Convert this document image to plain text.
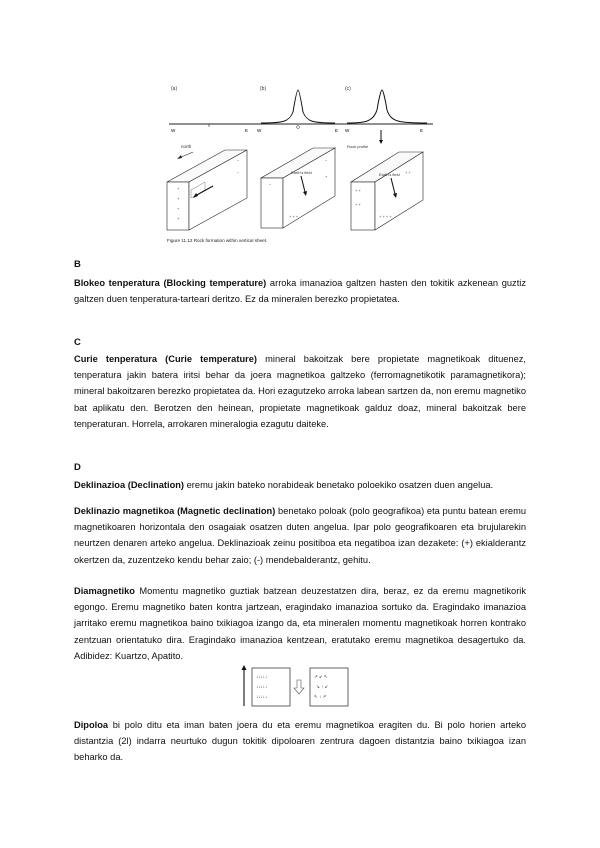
(a)	(b)	(c)
W	E W	E W	E
north
+
+
+
+
−
−	Earth's field
−
−
+
+ + +
Rock profile
Earth's field
+ +
+ +
+ + + +
+ +
Figure 11.12 Rock formation within vertical sheet.

B

Blokeo tenperatura (Blocking temperature) arroka imanazioa galtzen hasten den tokitik azkenean guztiz galtzen duen tenperatura-tarteari deritzo. Ez da mineralen berezko propietatea.

C

Curie tenperatura (Curie temperature) mineral bakoitzak bere propietate magnetikoak dituenez, tenperatura jakin batera iritsi behar da joera magnetikoa galtzeko (ferromagnetikotik paramagnetikora); mineral bakoitzaren berezko propietatea da. Hori ezagutzeko arroka labean sartzen da, non eremu magnetiko bat aplikatu den. Berotzen den heinean, propietate magnetikoak galduz doaz, mineral bakoitzak bere tenperaturan. Horrela, arrokaren mineralogia ezagutu daiteke.

D

Deklinazioa (Declination) eremu jakin bateko norabideak benetako poloekiko osatzen duen angelua.

Deklinazio magnetikoa (Magnetic declination) benetako poloak (polo geografikoa) eta puntu batean eremu magnetikoaren horizontala den osagaiak osatzen duten angelua. Ipar polo geografikoaren eta brujularekin neurtzen denaren arteko angelua. Deklinazioak zeinu positiboa eta negatiboa izan dezakete: (+) ekialderantz okertzen da, zuzentzeko kendu behar zaio; (-) mendebalderantz, gehitu.

Diamagnetiko Momentu magnetiko guztiak batzean deuzestatzen dira, beraz, ez da eremu magnetikorik egongo. Eremu magnetiko baten kontra jartzean, eragindako imanazioa sortuko da. Eragindako imanazioa jarritako eremu magnetikoa baino txikiagoa izango da, eta mineralen momentu magnetikoak horren kontrako zentzuan orientatuko dira. Eragindako imanazioa kentzean, eratutako eremu magnetikoa desagertuko da. Adibidez: Kuartzo, Apatito.

↓↓↓↓↓
↓↓↓↓↓
↓↓↓↓↓
↗ ↙ ↖
↘ ↑ ↙
↖ ↓ ↗

Dipoloa bi polo ditu eta iman baten joera du eta eremu magnetikoa eragiten du. Bi polo horien arteko distantzia (2l) indarra neurtuko dugun tokitik dipoloaren zentrura dagoen distantzia baino txikiagoa izan beharko da.
